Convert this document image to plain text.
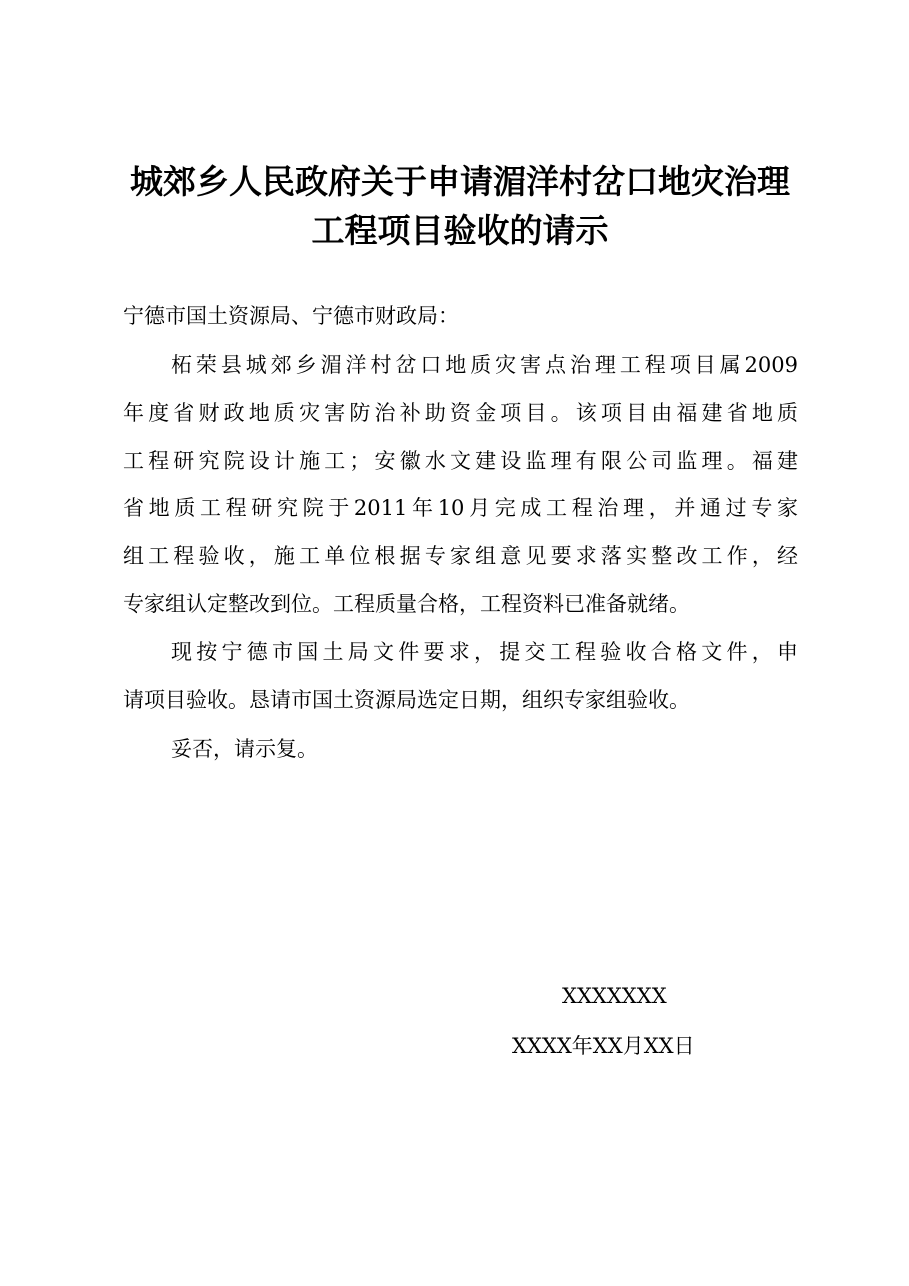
城郊乡人民政府关于申请湄洋村岔口地灾治理
工程项目验收的请示
宁德市国土资源局、宁德市财政局：
柘荣县城郊乡湄洋村岔口地质灾害点治理工程项目属2009
年度省财政地质灾害防治补助资金项目。该项目由福建省地质
工程研究院设计施工；安徽水文建设监理有限公司监理。福建
省地质工程研究院于2011年10月完成工程治理，并通过专家
组工程验收，施工单位根据专家组意见要求落实整改工作，经
专家组认定整改到位。工程质量合格，工程资料已准备就绪。
现按宁德市国土局文件要求，提交工程验收合格文件，申
请项目验收。恳请市国土资源局选定日期，组织专家组验收。
妥否，请示复。
XXXXXXX
XXXX年XX月XX日
